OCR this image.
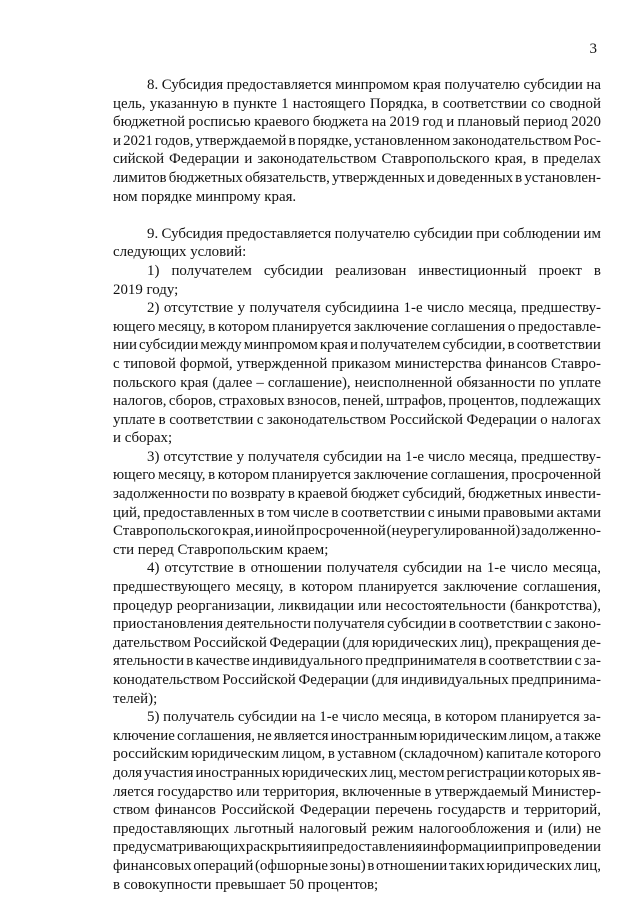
3
8. Субсидия предоставляется минпромом края получателю субсидии на
цель, указанную в пункте 1 настоящего Порядка, в соответствии со сводной
бюджетной росписью краевого бюджета на 2019 год и плановый период 2020
и 2021 годов, утверждаемой в порядке, установленном законодательством Рос-
сийской Федерации и законодательством Ставропольского края, в пределах
лимитов бюджетных обязательств, утвержденных и доведенных в установлен-
ном порядке минпрому края.
9. Субсидия предоставляется получателю субсидии при соблюдении им
следующих условий:
1) получателем субсидии реализован инвестиционный проект в
2019 году;
2) отсутствие у получателя субсидиина 1-е число месяца, предшеству-
ющего месяцу, в котором планируется заключение соглашения о предоставле-
нии субсидии между минпромом края и получателем субсидии, в соответствии
с типовой формой, утвержденной приказом министерства финансов Ставро-
польского края (далее – соглашение), неисполненной обязанности по уплате
налогов, сборов, страховых взносов, пеней, штрафов, процентов, подлежащих
уплате в соответствии с законодательством Российской Федерации о налогах
и сборах;
3) отсутствие у получателя субсидии на 1-е число месяца, предшеству-
ющего месяцу, в котором планируется заключение соглашения, просроченной
задолженности по возврату в краевой бюджет субсидий, бюджетных инвести-
ций, предоставленных в том числе в соответствии с иными правовыми актами
Ставропольского края, и иной просроченной (неурегулированной) задолженно-
сти перед Ставропольским краем;
4) отсутствие в отношении получателя субсидии на 1-е число месяца,
предшествующего месяцу, в котором планируется заключение соглашения,
процедур реорганизации, ликвидации или несостоятельности (банкротства),
приостановления деятельности получателя субсидии в соответствии с законо-
дательством Российской Федерации (для юридических лиц), прекращения де-
ятельности в качестве индивидуального предпринимателя в соответствии с за-
конодательством Российской Федерации (для индивидуальных предпринима-
телей);
5) получатель субсидии на 1-е число месяца, в котором планируется за-
ключение соглашения, не является иностранным юридическим лицом, а также
российским юридическим лицом, в уставном (складочном) капитале которого
доля участия иностранных юридических лиц, местом регистрации которых яв-
ляется государство или территория, включенные в утверждаемый Министер-
ством финансов Российской Федерации перечень государств и территорий,
предоставляющих льготный налоговый режим налогообложения и (или) не
предусматривающих раскрытия и предоставления информации при проведении
финансовых операций (офшорные зоны) в отношении таких юридических лиц,
в совокупности превышает 50 процентов;
